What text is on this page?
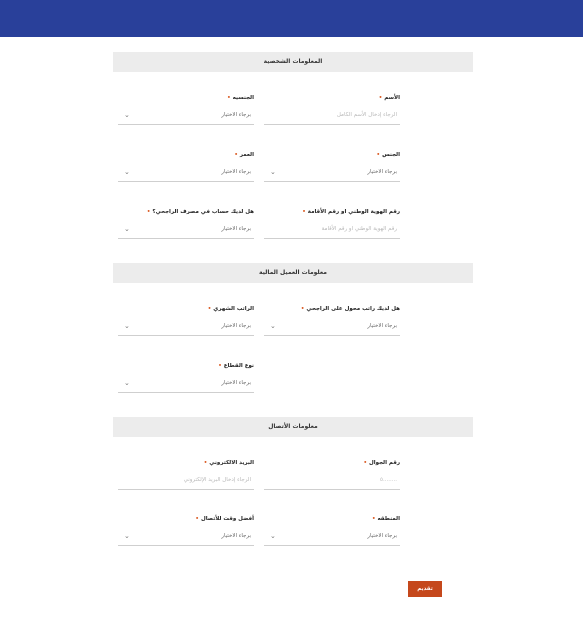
المعلومات الشخصية
الأسم•
الرجاء إدخال الأسم الكامل
الجنسيه•
برجاء الاختيار
⌄
الجنس•
برجاء الاختيار
⌄
العمر•
برجاء الاختيار
⌄
رقم الهوية الوطني او رقم الأقامة•
رقم الهوية الوطني او رقم الأقامة
هل لديك حساب في مصرف الراجحي؟•
برجاء الاختيار
⌄
معلومات العميل المالية
هل لديك راتب محول على الراجحي•
برجاء الاختيار
⌄
الراتب الشهري•
برجاء الاختيار
⌄
نوع القطاع•
برجاء الاختيار
⌄
معلومات الأتصال
رقم الجوال•
........٥
البريد الالكتروني•
الرجاء إدخال البريد الإلكتروني
المنطقه•
برجاء الاختيار
⌄
أفضل وقت للأتصال•
برجاء الاختيار
⌄
تقديم
